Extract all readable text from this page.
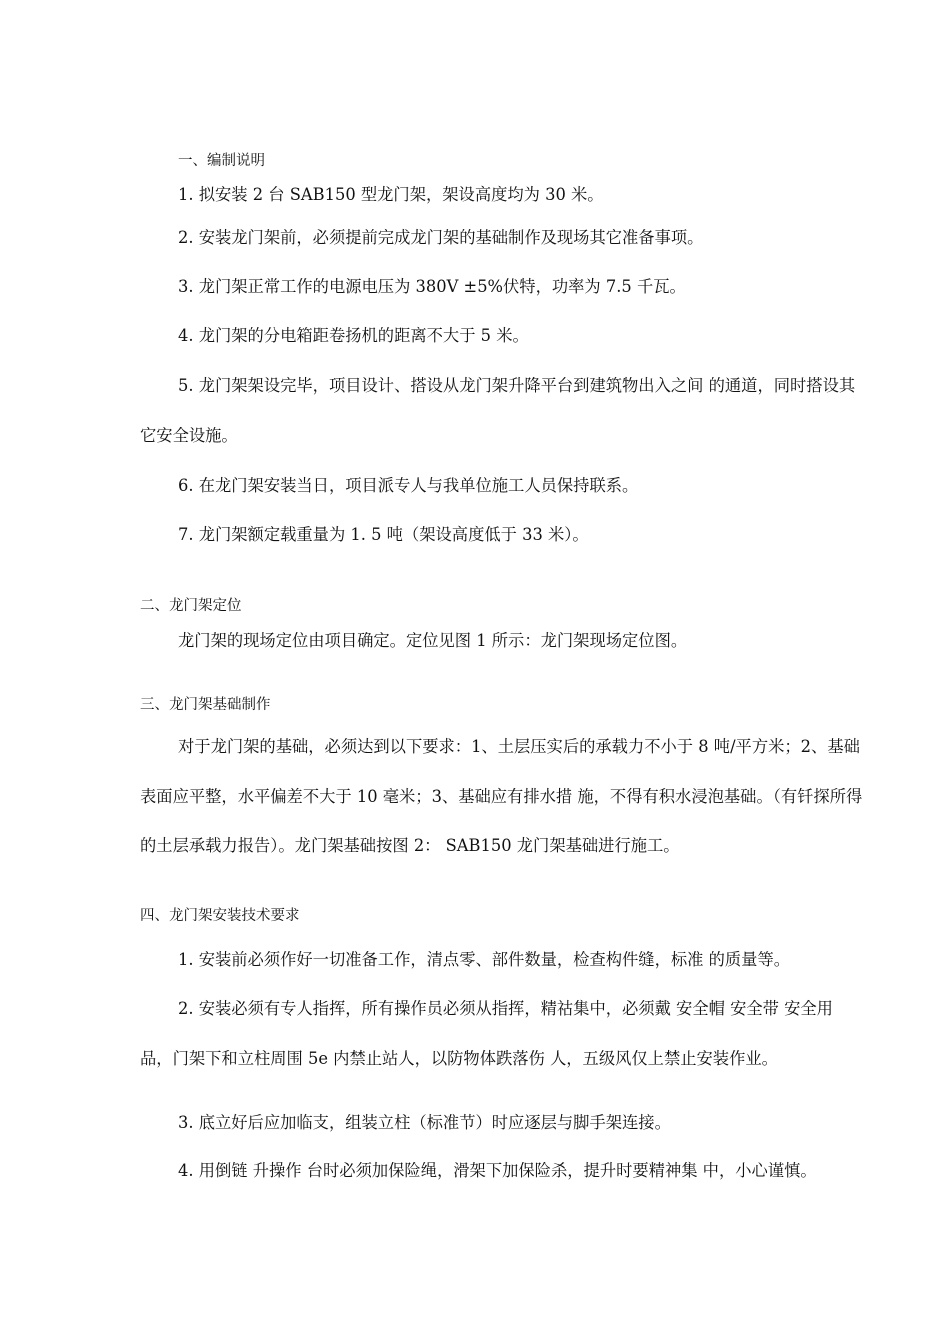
一、编制说明
1. 拟安装 2 台 SAB150 型龙门架，架设高度均为 30 米。
2. 安装龙门架前，必须提前完成龙门架的基础制作及现场其它准备事项。
3. 龙门架正常工作的电源电压为 380V ±5%伏特，功率为 7.5 千瓦。
4. 龙门架的分电箱距卷扬机的距离不大于 5 米。
5. 龙门架架设完毕，项目设计、搭设从龙门架升降平台到建筑物出入之间 的通道，同时搭设其
它安全设施。
6. 在龙门架安装当日，项目派专人与我单位施工人员保持联系。
7. 龙门架额定载重量为 1. 5 吨（架设高度低于 33 米）。
二、龙门架定位
龙门架的现场定位由项目确定。定位见图 1 所示：龙门架现场定位图。
三、龙门架基础制作
对于龙门架的基础，必须达到以下要求：1、土层压实后的承载力不小于 8 吨/平方米；2、基础
表面应平整，水平偏差不大于 10 毫米；3、基础应有排水措 施，不得有积水浸泡基础。（有钎探所得
的土层承载力报告）。龙门架基础按图 2： SAB150 龙门架基础进行施工。
四、龙门架安装技术要求
1. 安装前必须作好一切准备工作，清点零、部件数量，检查构件缝，标准 的质量等。
2. 安装必须有专人指挥，所有操作员必须从指挥，精祜集中，必须戴 安全帽 安全带 安全用
品，门架下和立柱周围 5e 内禁止站人，以防物体跌落伤 人，五级风仅上禁止安装作业。
3. 底立好后应加临支，组装立柱（标准节）时应逐层与脚手架连接。
4. 用倒链 升操作 台时必须加保险绳，滑架下加保险杀，提升时要精神集 中，小心谨慎。
